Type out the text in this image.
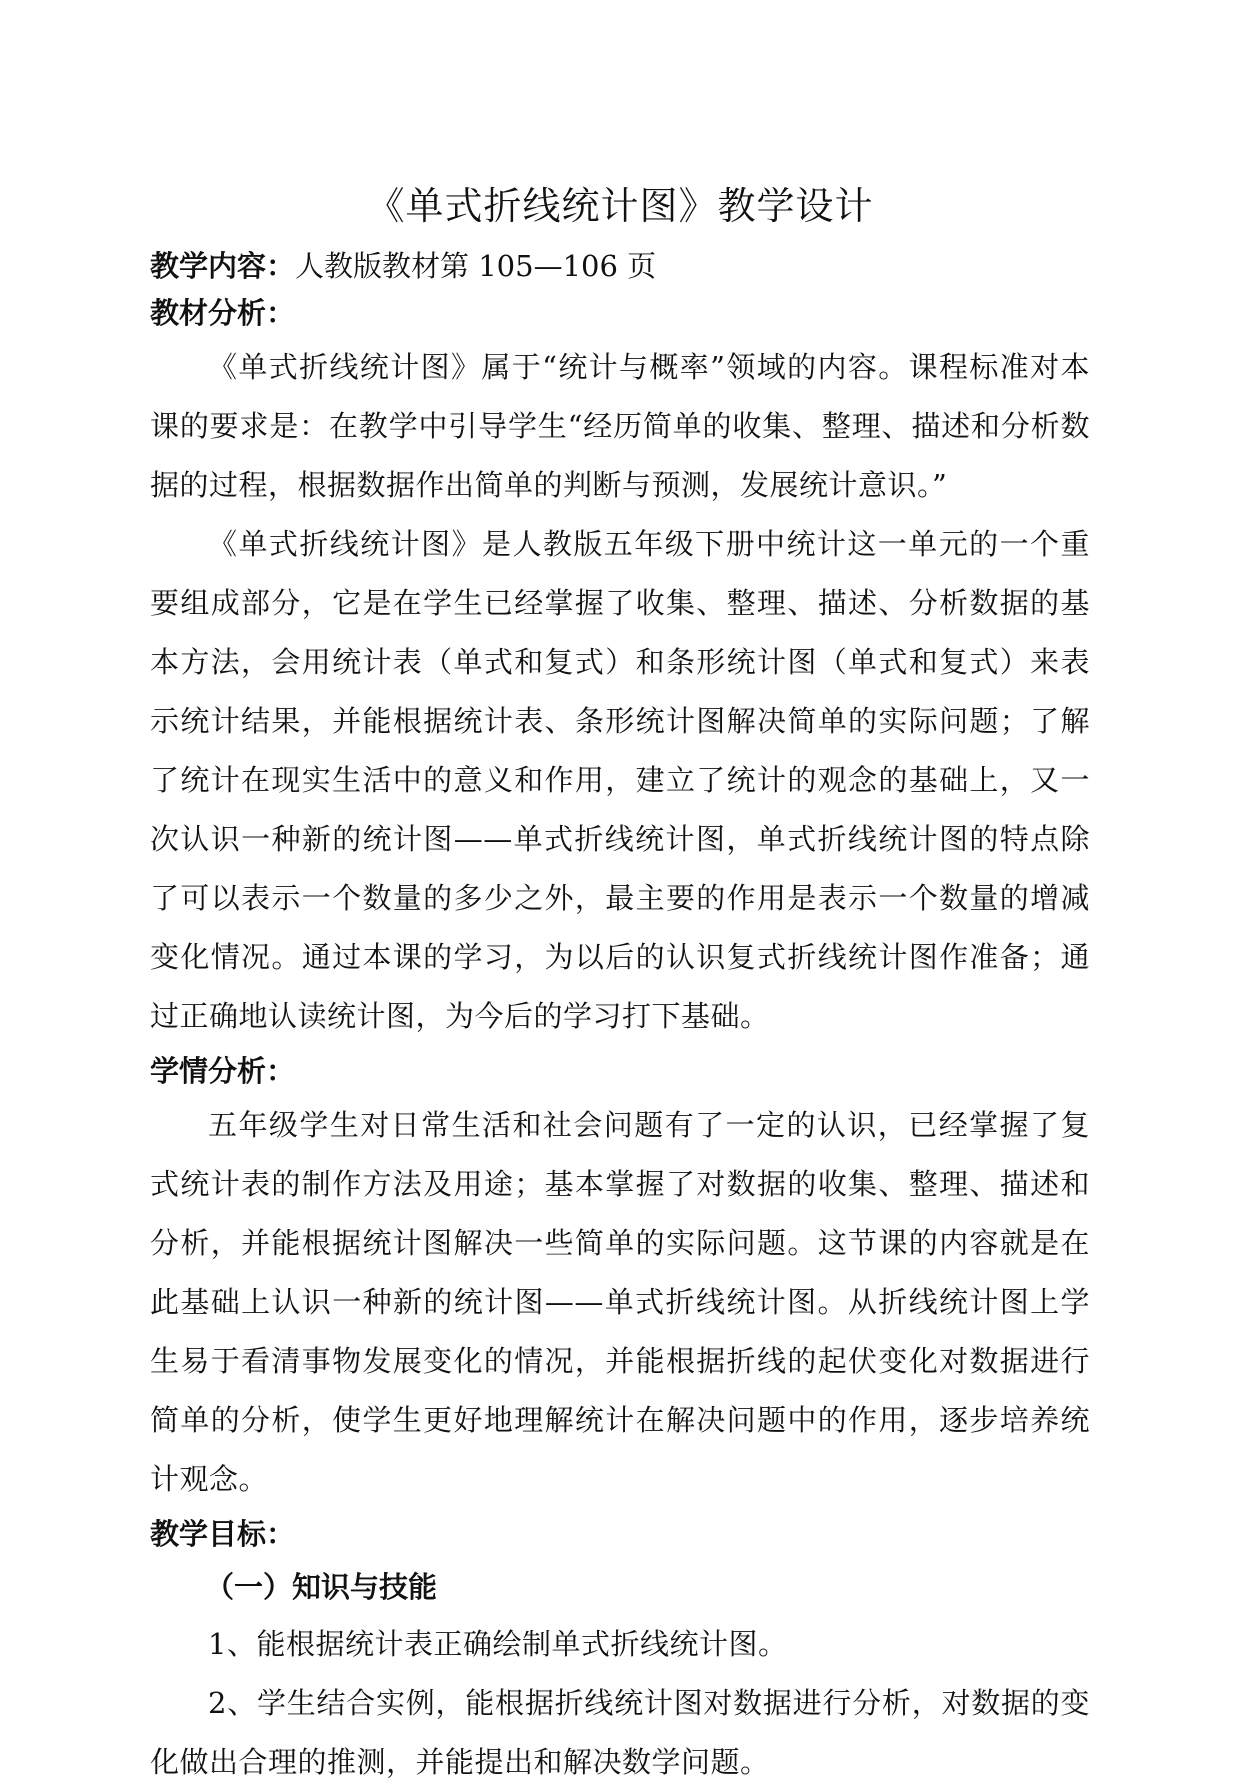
《单式折线统计图》教学设计

教学内容：人教版教材第 105—106 页

教材分析：

《单式折线统计图》属于“统计与概率”领域的内容。课程标准对本课的要求是：在教学中引导学生“经历简单的收集、整理、描述和分析数据的过程，根据数据作出简单的判断与预测，发展统计意识。”

《单式折线统计图》是人教版五年级下册中统计这一单元的一个重要组成部分，它是在学生已经掌握了收集、整理、描述、分析数据的基本方法，会用统计表（单式和复式）和条形统计图（单式和复式）来表示统计结果，并能根据统计表、条形统计图解决简单的实际问题；了解了统计在现实生活中的意义和作用，建立了统计的观念的基础上，又一次认识一种新的统计图——单式折线统计图，单式折线统计图的特点除了可以表示一个数量的多少之外，最主要的作用是表示一个数量的增减变化情况。通过本课的学习，为以后的认识复式折线统计图作准备；通过正确地认读统计图，为今后的学习打下基础。

学情分析：

五年级学生对日常生活和社会问题有了一定的认识，已经掌握了复式统计表的制作方法及用途；基本掌握了对数据的收集、整理、描述和分析，并能根据统计图解决一些简单的实际问题。这节课的内容就是在此基础上认识一种新的统计图——单式折线统计图。从折线统计图上学生易于看清事物发展变化的情况，并能根据折线的起伏变化对数据进行简单的分析，使学生更好地理解统计在解决问题中的作用，逐步培养统计观念。

教学目标：

（一）知识与技能

1、能根据统计表正确绘制单式折线统计图。

2、学生结合实例，能根据折线统计图对数据进行分析，对数据的变化做出合理的推测，并能提出和解决数学问题。
